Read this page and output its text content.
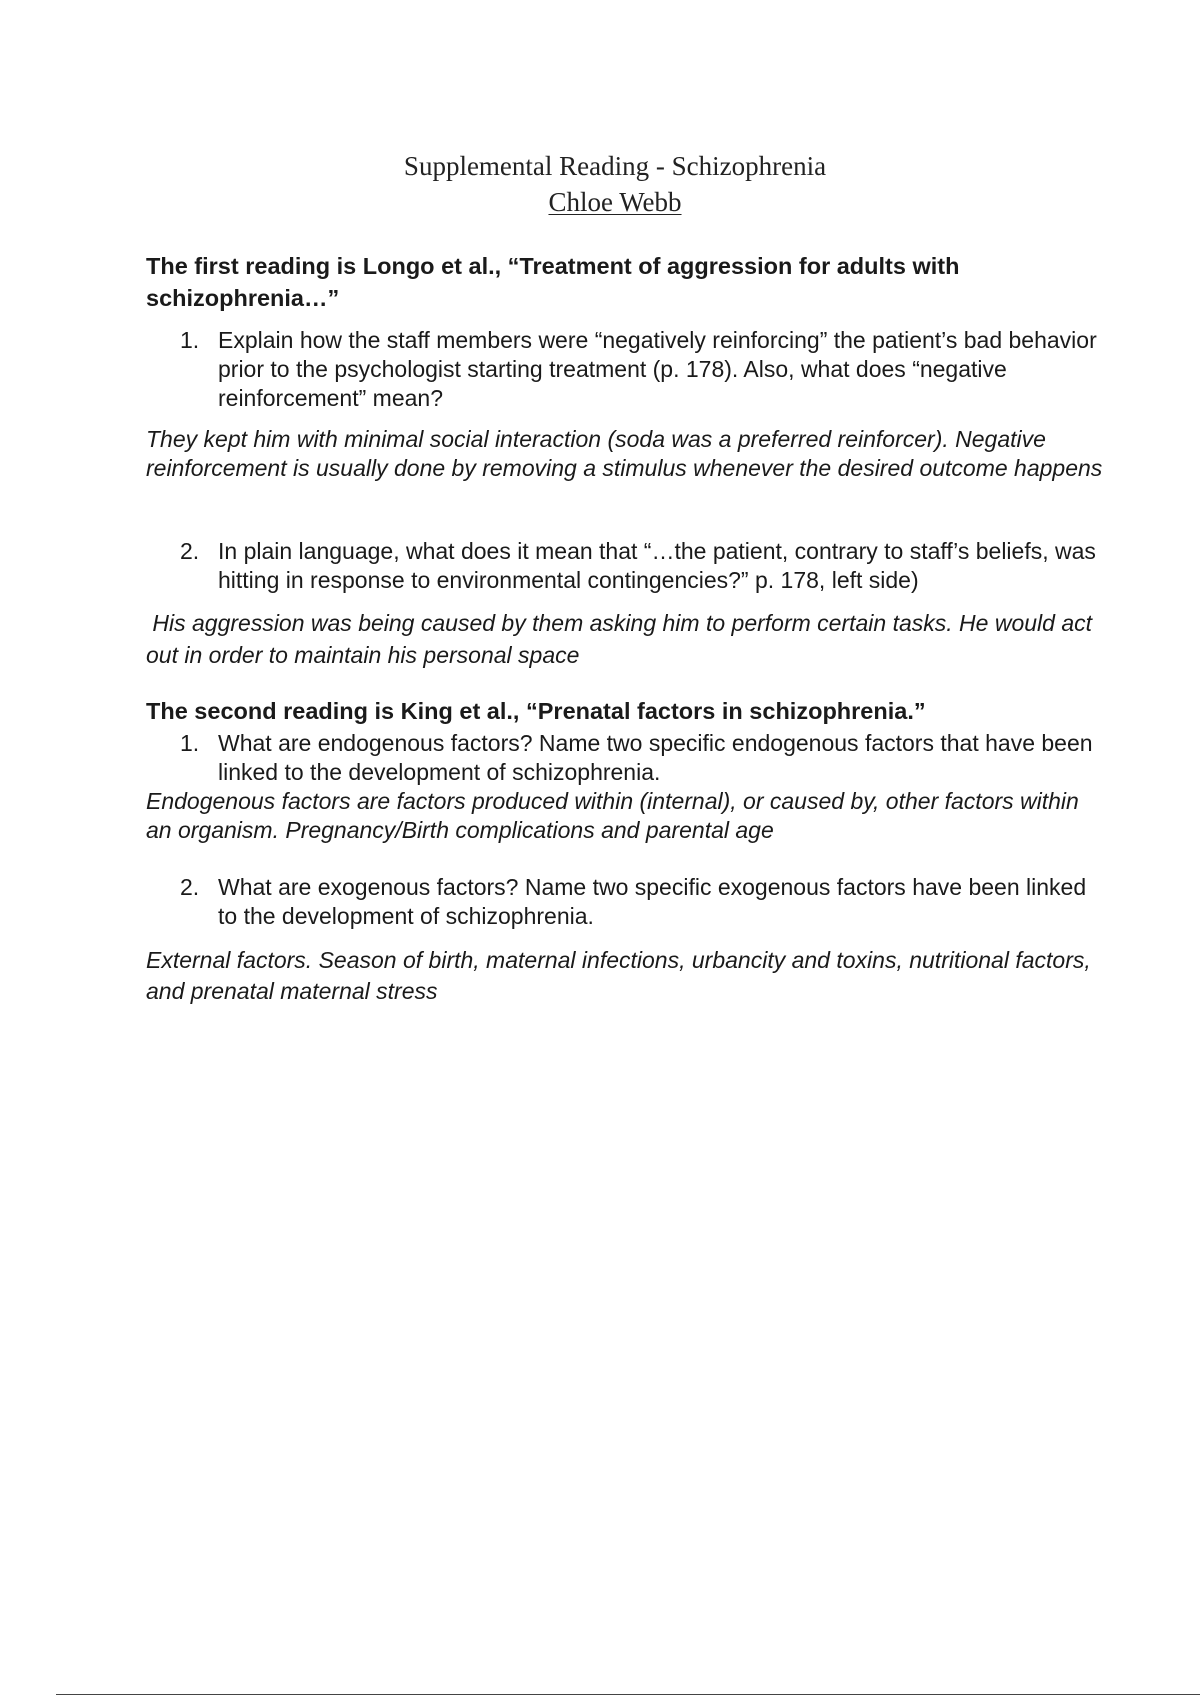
Supplemental Reading - Schizophrenia
Chloe Webb

The first reading is Longo et al., “Treatment of aggression for adults with schizophrenia…”

1. Explain how the staff members were “negatively reinforcing” the patient’s bad behavior prior to the psychologist starting treatment (p. 178). Also, what does “negative reinforcement” mean?

They kept him with minimal social interaction (soda was a preferred reinforcer). Negative reinforcement is usually done by removing a stimulus whenever the desired outcome happens

2. In plain language, what does it mean that “…the patient, contrary to staff’s beliefs, was hitting in response to environmental contingencies?” p. 178, left side)

His aggression was being caused by them asking him to perform certain tasks. He would act out in order to maintain his personal space

The second reading is King et al., “Prenatal factors in schizophrenia.”

1. What are endogenous factors? Name two specific endogenous factors that have been linked to the development of schizophrenia.

Endogenous factors are factors produced within (internal), or caused by, other factors within an organism. Pregnancy/Birth complications and parental age

2. What are exogenous factors? Name two specific exogenous factors have been linked to the development of schizophrenia.

External factors. Season of birth, maternal infections, urbancity and toxins, nutritional factors, and prenatal maternal stress
